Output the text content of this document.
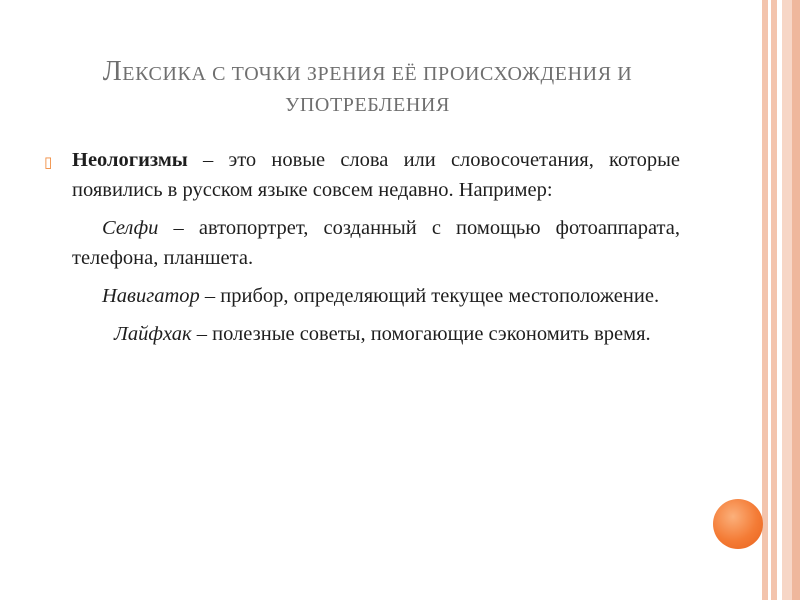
ЛЕКСИКА С ТОЧКИ ЗРЕНИЯ ЕЁ ПРОИСХОЖДЕНИЯ И
УПОТРЕБЛЕНИЯ

▯ Неологизмы – это новые слова или словосочетания, которые появились в русском языке совсем недавно. Например:

Селфи – автопортрет, созданный с помощью фотоаппарата, телефона, планшета.

Навигатор – прибор, определяющий текущее местоположение.

Лайфхак – полезные советы, помогающие сэкономить время.
